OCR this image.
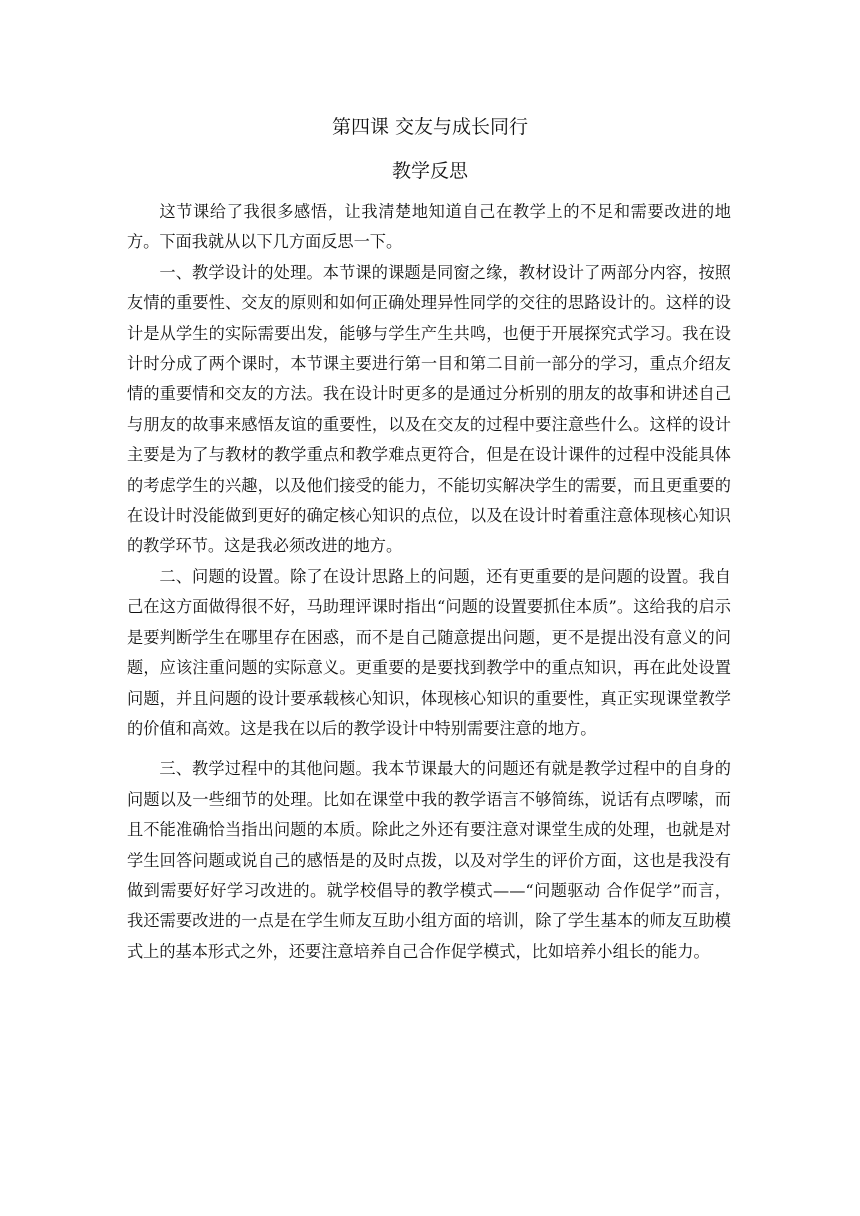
第四课 交友与成长同行
教学反思

这节课给了我很多感悟，让我清楚地知道自己在教学上的不足和需要改进的地方。下面我就从以下几方面反思一下。

一、教学设计的处理。本节课的课题是同窗之缘，教材设计了两部分内容，按照友情的重要性、交友的原则和如何正确处理异性同学的交往的思路设计的。这样的设计是从学生的实际需要出发，能够与学生产生共鸣，也便于开展探究式学习。我在设计时分成了两个课时，本节课主要进行第一目和第二目前一部分的学习，重点介绍友情的重要情和交友的方法。我在设计时更多的是通过分析别的朋友的故事和讲述自己与朋友的故事来感悟友谊的重要性，以及在交友的过程中要注意些什么。这样的设计主要是为了与教材的教学重点和教学难点更符合，但是在设计课件的过程中没能具体的考虑学生的兴趣，以及他们接受的能力，不能切实解决学生的需要，而且更重要的在设计时没能做到更好的确定核心知识的点位，以及在设计时着重注意体现核心知识的教学环节。这是我必须改进的地方。

二、问题的设置。除了在设计思路上的问题，还有更重要的是问题的设置。我自己在这方面做得很不好，马助理评课时指出“问题的设置要抓住本质”。这给我的启示是要判断学生在哪里存在困惑，而不是自己随意提出问题，更不是提出没有意义的问题，应该注重问题的实际意义。更重要的是要找到教学中的重点知识，再在此处设置问题，并且问题的设计要承载核心知识，体现核心知识的重要性，真正实现课堂教学的价值和高效。这是我在以后的教学设计中特别需要注意的地方。

三、教学过程中的其他问题。我本节课最大的问题还有就是教学过程中的自身的问题以及一些细节的处理。比如在课堂中我的教学语言不够简练，说话有点啰嗦，而且不能准确恰当指出问题的本质。除此之外还有要注意对课堂生成的处理，也就是对学生回答问题或说自己的感悟是的及时点拨，以及对学生的评价方面，这也是我没有做到需要好好学习改进的。就学校倡导的教学模式——“问题驱动 合作促学”而言，我还需要改进的一点是在学生师友互助小组方面的培训，除了学生基本的师友互助模式上的基本形式之外，还要注意培养自己合作促学模式，比如培养小组长的能力。
